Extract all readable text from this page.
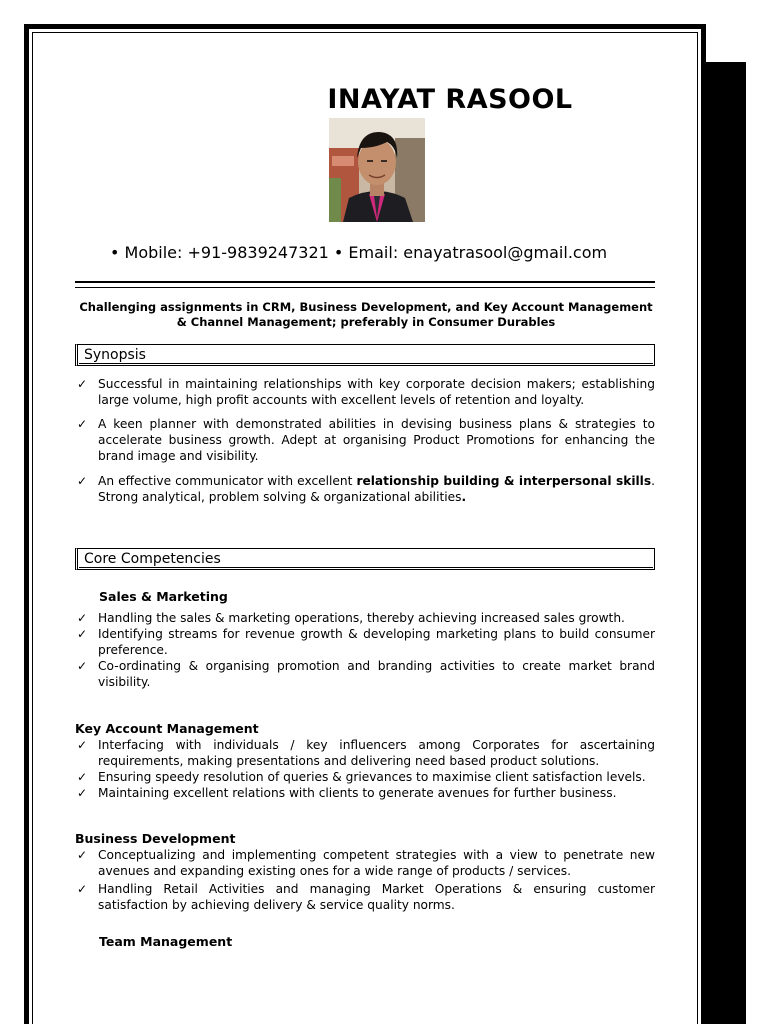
INAYAT RASOOL
• Mobile: +91-9839247321 • Email: enayatrasool@gmail.com
Challenging assignments in CRM, Business Development, and Key Account Management & Channel Management; preferably in Consumer Durables
Synopsis
✓ Successful in maintaining relationships with key corporate decision makers; establishing large volume, high profit accounts with excellent levels of retention and loyalty.
✓ A keen planner with demonstrated abilities in devising business plans & strategies to accelerate business growth. Adept at organising Product Promotions for enhancing the brand image and visibility.
✓ An effective communicator with excellent relationship building & interpersonal skills. Strong analytical, problem solving & organizational abilities.
Core Competencies
Sales & Marketing
✓ Handling the sales & marketing operations, thereby achieving increased sales growth.
✓ Identifying streams for revenue growth & developing marketing plans to build consumer preference.
✓ Co-ordinating & organising promotion and branding activities to create market brand visibility.
Key Account Management
✓ Interfacing with individuals / key influencers among Corporates for ascertaining requirements, making presentations and delivering need based product solutions.
✓ Ensuring speedy resolution of queries & grievances to maximise client satisfaction levels.
✓ Maintaining excellent relations with clients to generate avenues for further business.
Business Development
✓ Conceptualizing and implementing competent strategies with a view to penetrate new avenues and expanding existing ones for a wide range of products / services.
✓ Handling Retail Activities and managing Market Operations & ensuring customer satisfaction by achieving delivery & service quality norms.
Team Management
